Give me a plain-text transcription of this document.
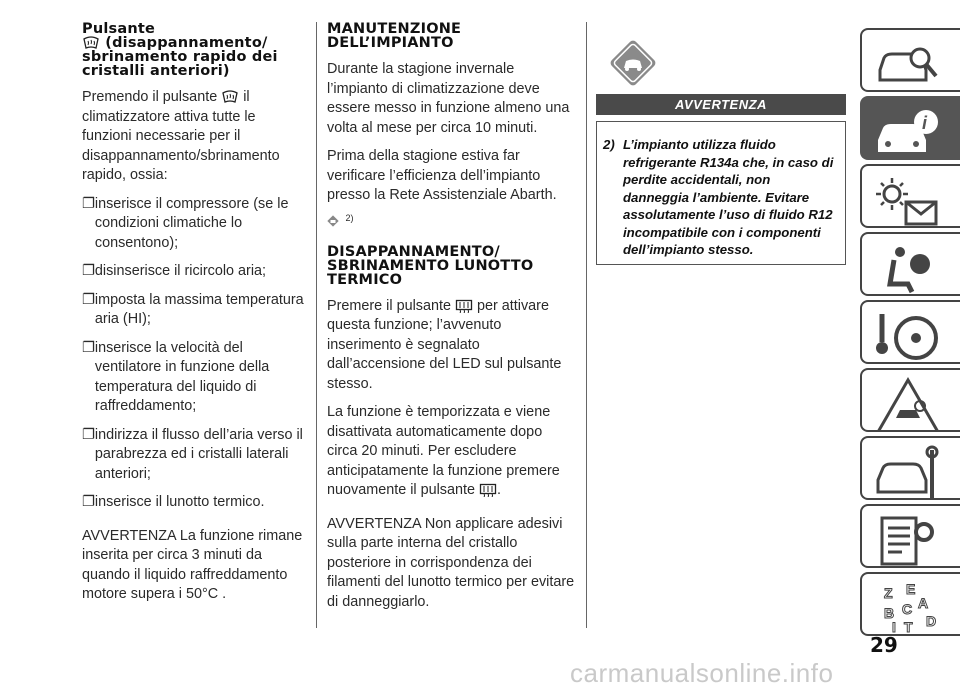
Pulsante
(disappannamento/
sbrinamento rapido dei
cristalli anteriori)

Premendo il pulsante il climatizzatore attiva tutte le funzioni necessarie per il disappannamento/sbrinamento rapido, ossia:

❐ inserisce il compressore (se le condizioni climatiche lo consentono);
❐ disinserisce il ricircolo aria;
❐ imposta la massima temperatura aria (HI);
❐ inserisce la velocità del ventilatore in funzione della temperatura del liquido di raffreddamento;
❐ indirizza il flusso dell’aria verso il parabrezza ed i cristalli laterali anteriori;
❐ inserisce il lunotto termico.

AVVERTENZA La funzione rimane inserita per circa 3 minuti da quando il liquido raffreddamento motore supera i 50°C .

MANUTENZIONE
DELL’IMPIANTO

Durante la stagione invernale l’impianto di climatizzazione deve essere messo in funzione almeno una volta al mese per circa 10 minuti.

Prima della stagione estiva far verificare l’efficienza dell’impianto presso la Rete Assistenziale Abarth.

$^{2)}$
DISAPPANNAMENTO/
SBRINAMENTO LUNOTTO
TERMICO

Premere il pulsante per attivare questa funzione; l’avvenuto inserimento è segnalato dall’accensione del LED sul pulsante stesso.

La funzione è temporizzata e viene disattivata automaticamente dopo circa 20 minuti. Per escludere anticipatamente la funzione premere nuovamente il pulsante .

AVVERTENZA Non applicare adesivi sulla parte interna del cristallo posteriore in corrispondenza dei filamenti del lunotto termico per evitare di danneggiarlo.

AVVERTENZA
2) L’impianto utilizza fluido refrigerante R134a che, in caso di perdite accidentali, non danneggia l’ambiente. Evitare assolutamente l’uso di fluido R12 incompatibile con i componenti dell’impianto stesso.
i
Z E
A
B C
T D
I
29
carmanualsonline.info
